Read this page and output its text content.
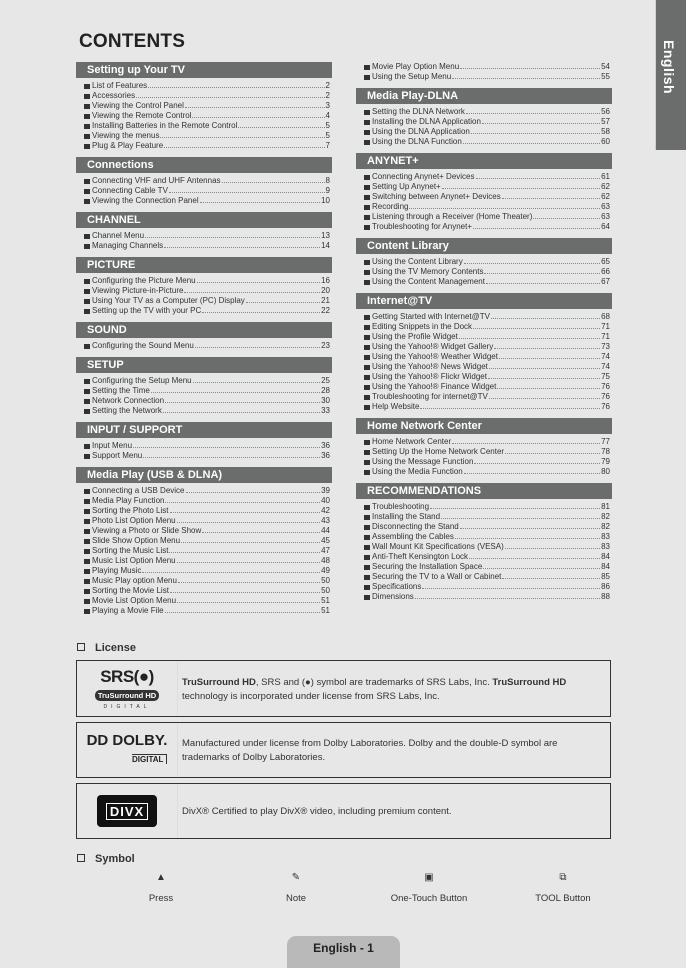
English
CONTENTS
Setting up Your TV
List of Features	2
Accessories	2
Viewing the Control Panel	3
Viewing the Remote Control	4
Installing Batteries in the Remote Control	5
Viewing the menus	5
Plug & Play Feature	7
Connections
Connecting VHF and UHF Antennas	8
Connecting Cable TV	9
Viewing the Connection Panel	10
CHANNEL
Channel Menu	13
Managing Channels	14
PICTURE
Configuring the Picture Menu	16
Viewing Picture-in-Picture	20
Using Your TV as a Computer (PC) Display	21
Setting up the TV with your PC	22
SOUND
Configuring the Sound Menu	23
SETUP
Configuring the Setup Menu	25
Setting the Time	28
Network Connection	30
Setting the Network	33
INPUT / SUPPORT
Input Menu	36
Support Menu	36
Media Play (USB & DLNA)
Connecting a USB Device	39
Media Play Function	40
Sorting the Photo List	42
Photo List Option Menu	43
Viewing a Photo or Slide Show	44
Slide Show Option Menu	45
Sorting the Music List	47
Music List Option Menu	48
Playing Music	49
Music Play option Menu	50
Sorting the Movie List	50
Movie List Option Menu	51
Playing a Movie File	51
Movie Play Option Menu	54
Using the Setup Menu	55
Media Play-DLNA
Setting the DLNA Network	56
Installing the DLNA Application	57
Using the DLNA Application	58
Using the DLNA Function	60
ANYNET+
Connecting Anynet+ Devices	61
Setting Up Anynet+	62
Switching between Anynet+ Devices	62
Recording	63
Listening through a Receiver (Home Theater)	63
Troubleshooting for Anynet+	64
Content Library
Using the Content Library	65
Using the TV Memory Contents	66
Using the Content Management	67
Internet@TV
Getting Started with Internet@TV	68
Editing Snippets in the Dock	71
Using the Profile Widget	71
Using the Yahoo!® Widget Gallery	73
Using the Yahoo!® Weather Widget	74
Using the Yahoo!® News Widget	74
Using the Yahoo!® Flickr Widget	75
Using the Yahoo!® Finance Widget	76
Troubleshooting for internet@TV	76
Help Website	76
Home Network Center
Home Network Center	77
Setting Up the Home Network Center	78
Using the Message Function	79
Using the Media Function	80
RECOMMENDATIONS
Troubleshooting	81
Installing the Stand	82
Disconnecting the Stand	82
Assembling the Cables	83
Wall Mount Kit Specifications (VESA)	83
Anti-Theft Kensington Lock	84
Securing the Installation Space	84
Securing the TV to a Wall or Cabinet	85
Specifications	86
Dimensions	88
License
SRS(●)
TruSurround HD
DIGITAL
TruSurround HD, SRS and (●) symbol are trademarks of SRS Labs, Inc. TruSurround HD
technology is incorporated under license from SRS Labs, Inc.
DD DOLBY.
DIGITAL
Manufactured under license from Dolby Laboratories. Dolby and the double-D symbol are
trademarks of Dolby Laboratories.
DIVX	DivX® Certified to play DivX® video, including premium content.
Symbol
▲
Press
✎
Note
▣
One-Touch Button
⧉
TOOL Button
English - 1
